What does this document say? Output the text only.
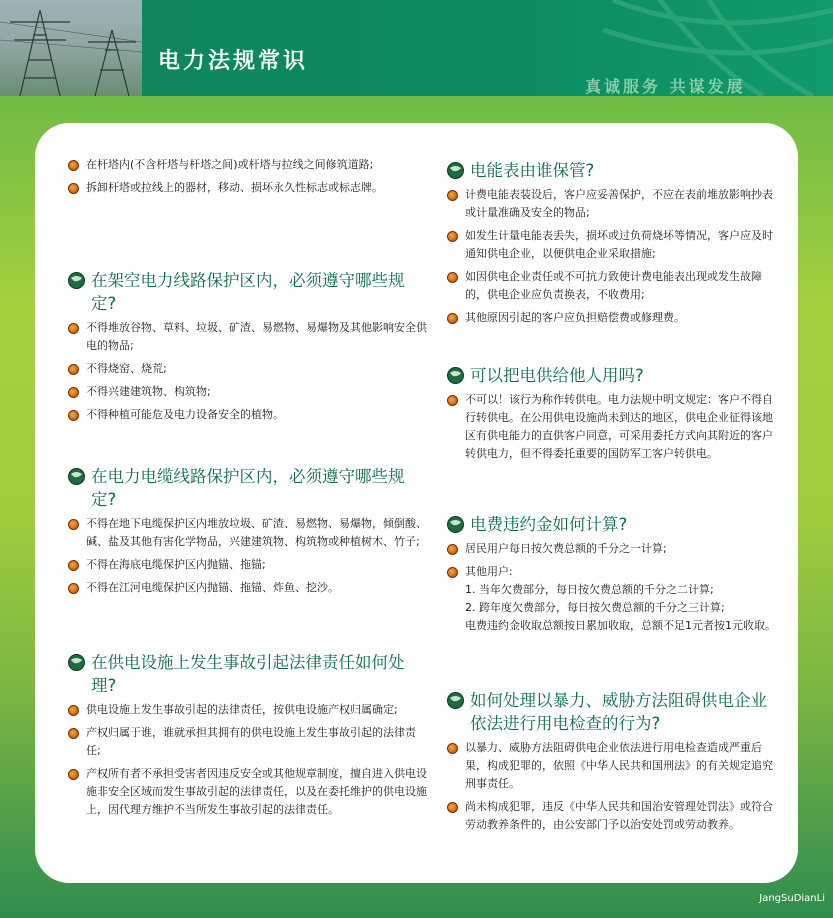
电力法规常识
真诚服务 共谋发展
在杆塔内(不含杆塔与杆塔之间)或杆塔与拉线之间修筑道路;
拆卸杆塔或拉线上的器材，移动、损坏永久性标志或标志牌。
在架空电力线路保护区内，必须遵守哪些规定?
不得堆放谷物、草料、垃圾、矿渣、易燃物、易爆物及其他影响安全供电的物品;
不得烧窑、烧荒;
不得兴建建筑物、构筑物;
不得种植可能危及电力设备安全的植物。
在电力电缆线路保护区内，必须遵守哪些规定?
不得在地下电缆保护区内堆放垃圾、矿渣、易燃物、易爆物，倾倒酸、碱、盐及其他有害化学物品，兴建建筑物、构筑物或种植树木、竹子;
不得在海底电缆保护区内抛锚、拖锚;
不得在江河电缆保护区内抛锚、拖锚、炸鱼、挖沙。
在供电设施上发生事故引起法律责任如何处理?
供电设施上发生事故引起的法律责任，按供电设施产权归属确定;
产权归属于谁，谁就承担其拥有的供电设施上发生事故引起的法律责任;
产权所有者不承担受害者因违反安全或其他规章制度，擅自进入供电设施非安全区域而发生事故引起的法律责任，以及在委托维护的供电设施上，因代理方维护不当所发生事故引起的法律责任。
电能表由谁保管?
计费电能表装设后，客户应妥善保护，不应在表前堆放影响抄表或计量准确及安全的物品;
如发生计量电能表丢失，损坏或过负荷烧坏等情况，客户应及时通知供电企业，以便供电企业采取措施;
如因供电企业责任或不可抗力致使计费电能表出现或发生故障的，供电企业应负责换表，不收费用;
其他原因引起的客户应负担赔偿费或修理费。
可以把电供给他人用吗?
不可以！该行为称作转供电。电力法规中明文规定：客户不得自行转供电。在公用供电设施尚未到达的地区，供电企业征得该地区有供电能力的直供客户同意，可采用委托方式向其附近的客户转供电力，但不得委托重要的国防军工客户转供电。
电费违约金如何计算?
居民用户每日按欠费总额的千分之一计算;
其他用户:
1. 当年欠费部分，每日按欠费总额的千分之二计算;
2. 跨年度欠费部分，每日按欠费总额的千分之三计算;
电费违约金收取总额按日累加收取，总额不足1元者按1元收取。
如何处理以暴力、威胁方法阻碍供电企业依法进行用电检查的行为?
以暴力、威胁方法阻碍供电企业依法进行用电检查造成严重后果，构成犯罪的，依照《中华人民共和国刑法》的有关规定追究刑事责任。
尚未构成犯罪，违反《中华人民共和国治安管理处罚法》或符合劳动教养条件的，由公安部门予以治安处罚或劳动教养。
JangSuDianLi
